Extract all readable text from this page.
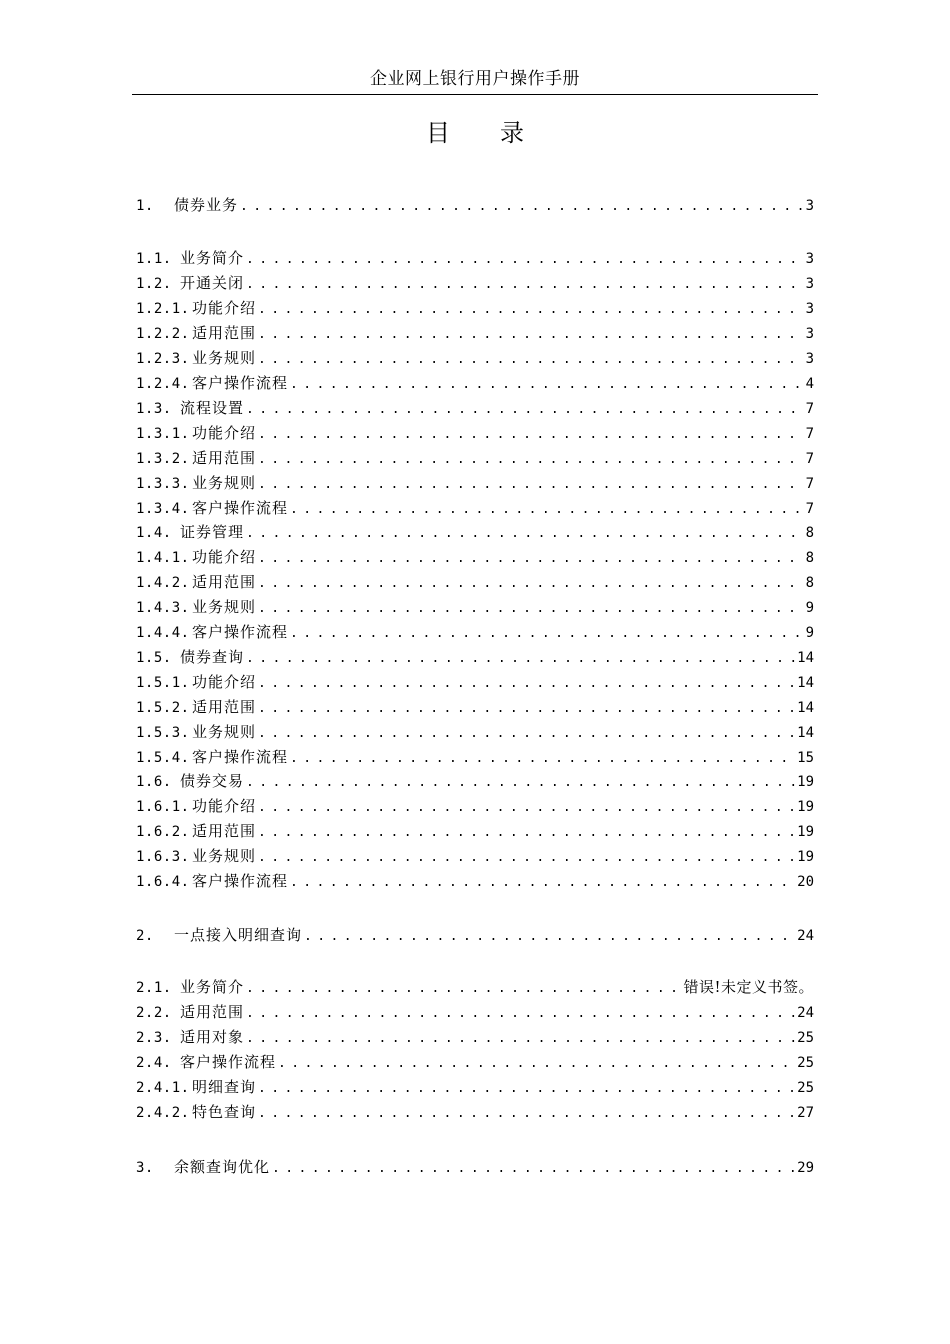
企业网上银行用户操作手册
目 录
1.	债券业务 . . .	3
1.1. 业务简介 . . .	3
1.2. 开通关闭 . . .	3
1.2.1. 功能介绍 . . .	3
1.2.2. 适用范围 . . .	3
1.2.3. 业务规则 . . .	3
1.2.4. 客户操作流程 . . .	4
1.3. 流程设置 . . .	7
1.3.1. 功能介绍 . . .	7
1.3.2. 适用范围 . . .	7
1.3.3. 业务规则 . . .	7
1.3.4. 客户操作流程 . . .	7
1.4. 证券管理 . . .	8
1.4.1. 功能介绍 . . .	8
1.4.2. 适用范围 . . .	8
1.4.3. 业务规则 . . .	9
1.4.4. 客户操作流程 . . .	9
1.5. 债券查询 . . .	14
1.5.1. 功能介绍 . . .	14
1.5.2. 适用范围 . . .	14
1.5.3. 业务规则 . . .	14
1.5.4. 客户操作流程 . . .	15
1.6. 债券交易 . . .	19
1.6.1. 功能介绍 . . .	19
1.6.2. 适用范围 . . .	19
1.6.3. 业务规则 . . .	19
1.6.4. 客户操作流程 . . .	20
2.	一点接入明细查询 . . .	24
2.1. 业务简介 . . .	错误!未定义书签。
2.2. 适用范围 . . .	24
2.3. 适用对象 . . .	25
2.4. 客户操作流程 . . .	25
2.4.1. 明细查询 . . .	25
2.4.2. 特色查询 . . .	27
3.	余额查询优化 . . .	29
